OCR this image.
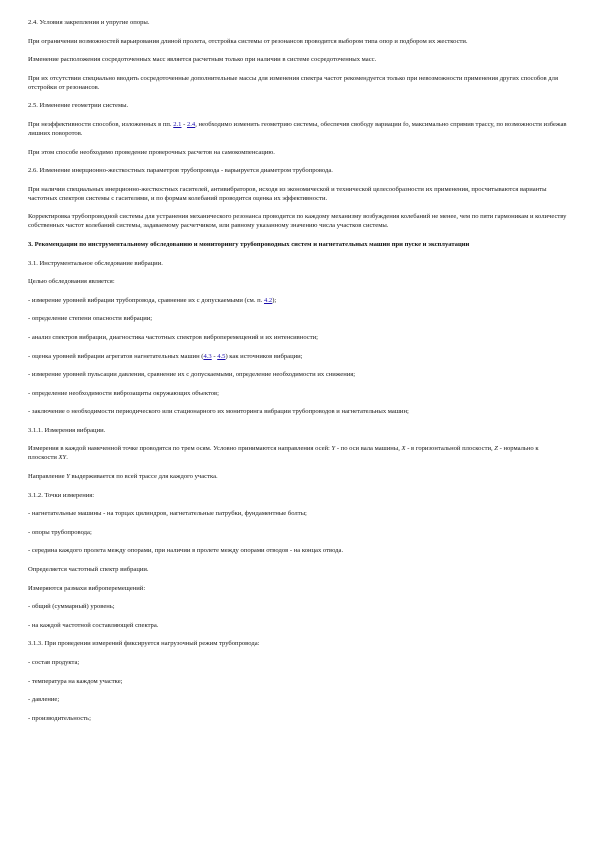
2.4. Условия закрепления и упругие опоры.

При ограничении возможностей варьирования длиной пролета, отстройка системы от резонансов проводится выбором типа опор и подбором их жесткости.

Изменение расположения сосредоточенных масс является расчетным только при наличии в системе сосредоточенных масс.

При их отсутствии специально вводить сосредоточенные дополнительные массы для изменения спектра частот рекомендуется только при невозможности применения других способов для отстройки от резонансов.

2.5. Изменение геометрии системы.

При неэффективности способов, изложенных в пп. 2.1 - 2.4, необходимо изменить геометрию системы, обеспечив свободу вариации fo, максимально спрямив трассу, по возможности избежав лишних поворотов.

При этом способе необходимо проведение проверочных расчетов на самокомпенсацию.

2.6. Изменение инерционно-жесткостных параметров трубопровода - варьируется диаметром трубопровода.

При наличии специальных инерционно-жесткостных гасителей, антивибраторов, исходя из экономической и технической целесообразности их применения, просчитываются варианты частотных спектров системы с гасителями, и по формам колебаний проводится оценка их эффективности.

Корректировка трубопроводной системы для устранения механического резонанса проводится по каждому механизму возбуждения колебаний не менее, чем по пяти гармоникам и количеству собственных частот колебаний системы, задаваемому расчетчиком, или равному указанному значению числа участков системы.

3. Рекомендации по инструментальному обследованию и мониторингу трубопроводных систем и нагнетательных машин при пуске и эксплуатации

3.1. Инструментальное обследование вибрации.

Целью обследования является:

- измерение уровней вибрации трубопровода, сравнение их с допускаемыми (см. п. 4.2);

- определение степени опасности вибрации;

- анализ спектров вибрации, диагностика частотных спектров виброперемещений и их интенсивности;

- оценка уровней вибрации агрегатов нагнетательных машин (4.3 - 4.5) как источников вибрации;

- измерение уровней пульсации давления, сравнение их с допускаемыми, определение необходимости их снижения;

- определение необходимости виброзащиты окружающих объектов;

- заключение о необходимости периодического или стационарного их мониторинга вибрации трубопроводов и нагнетательных машин;

3.1.1. Измерения вибрации.

Измерения в каждой намеченной точке проводятся по трем осям. Условно принимаются направления осей: Y - по оси вала машины, X - в горизонтальной плоскости, Z - нормально к плоскости XY.

Направление Y выдерживается по всей трассе для каждого участка.

3.1.2. Точки измерения:

- нагнетательные машины - на торцах цилиндров, нагнетательные патрубки, фундаментные болты;

- опоры трубопровода;

- середина каждого пролета между опорами, при наличии в пролете между опорами отводов - на концах отвода.

Определяется частотный спектр вибрации.

Измеряются размахи виброперемещений:

- общий (суммарный) уровень;

- на каждой частотной составляющей спектра.

3.1.3. При проведении измерений фиксируется нагрузочный режим трубопровода:

- состав продукта;

- температура на каждом участке;

- давление;

- производительность;
